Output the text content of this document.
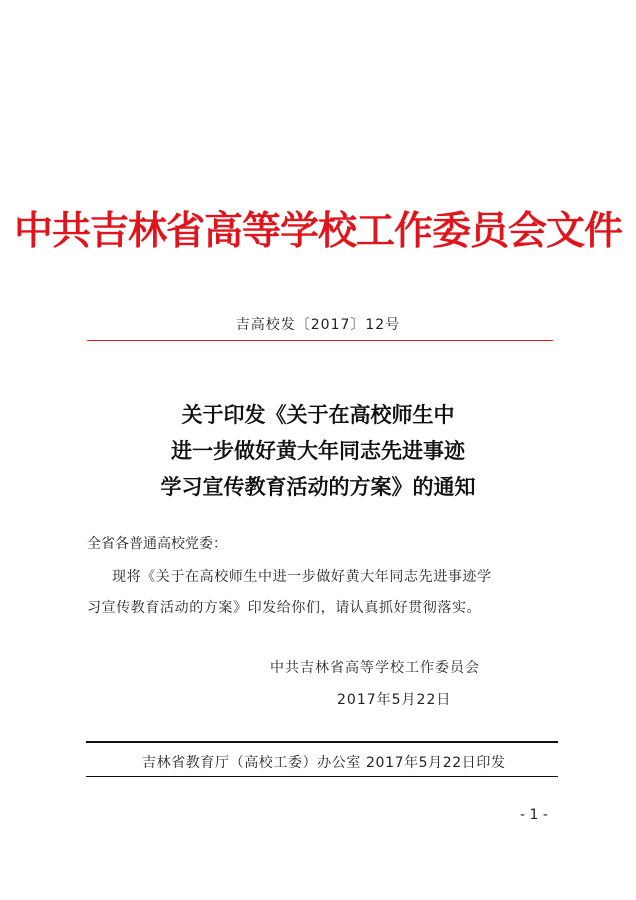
中共吉林省高等学校工作委员会文件
吉高校发〔2017〕12号
关于印发《关于在高校师生中
进一步做好黄大年同志先进事迹
学习宣传教育活动的方案》的通知
全省各普通高校党委：
现将《关于在高校师生中进一步做好黄大年同志先进事迹学
习宣传教育活动的方案》印发给你们，请认真抓好贯彻落实。
中共吉林省高等学校工作委员会
2017年5月22日
吉林省教育厅（高校工委）办公室 2017年5月22日印发
- 1 -
